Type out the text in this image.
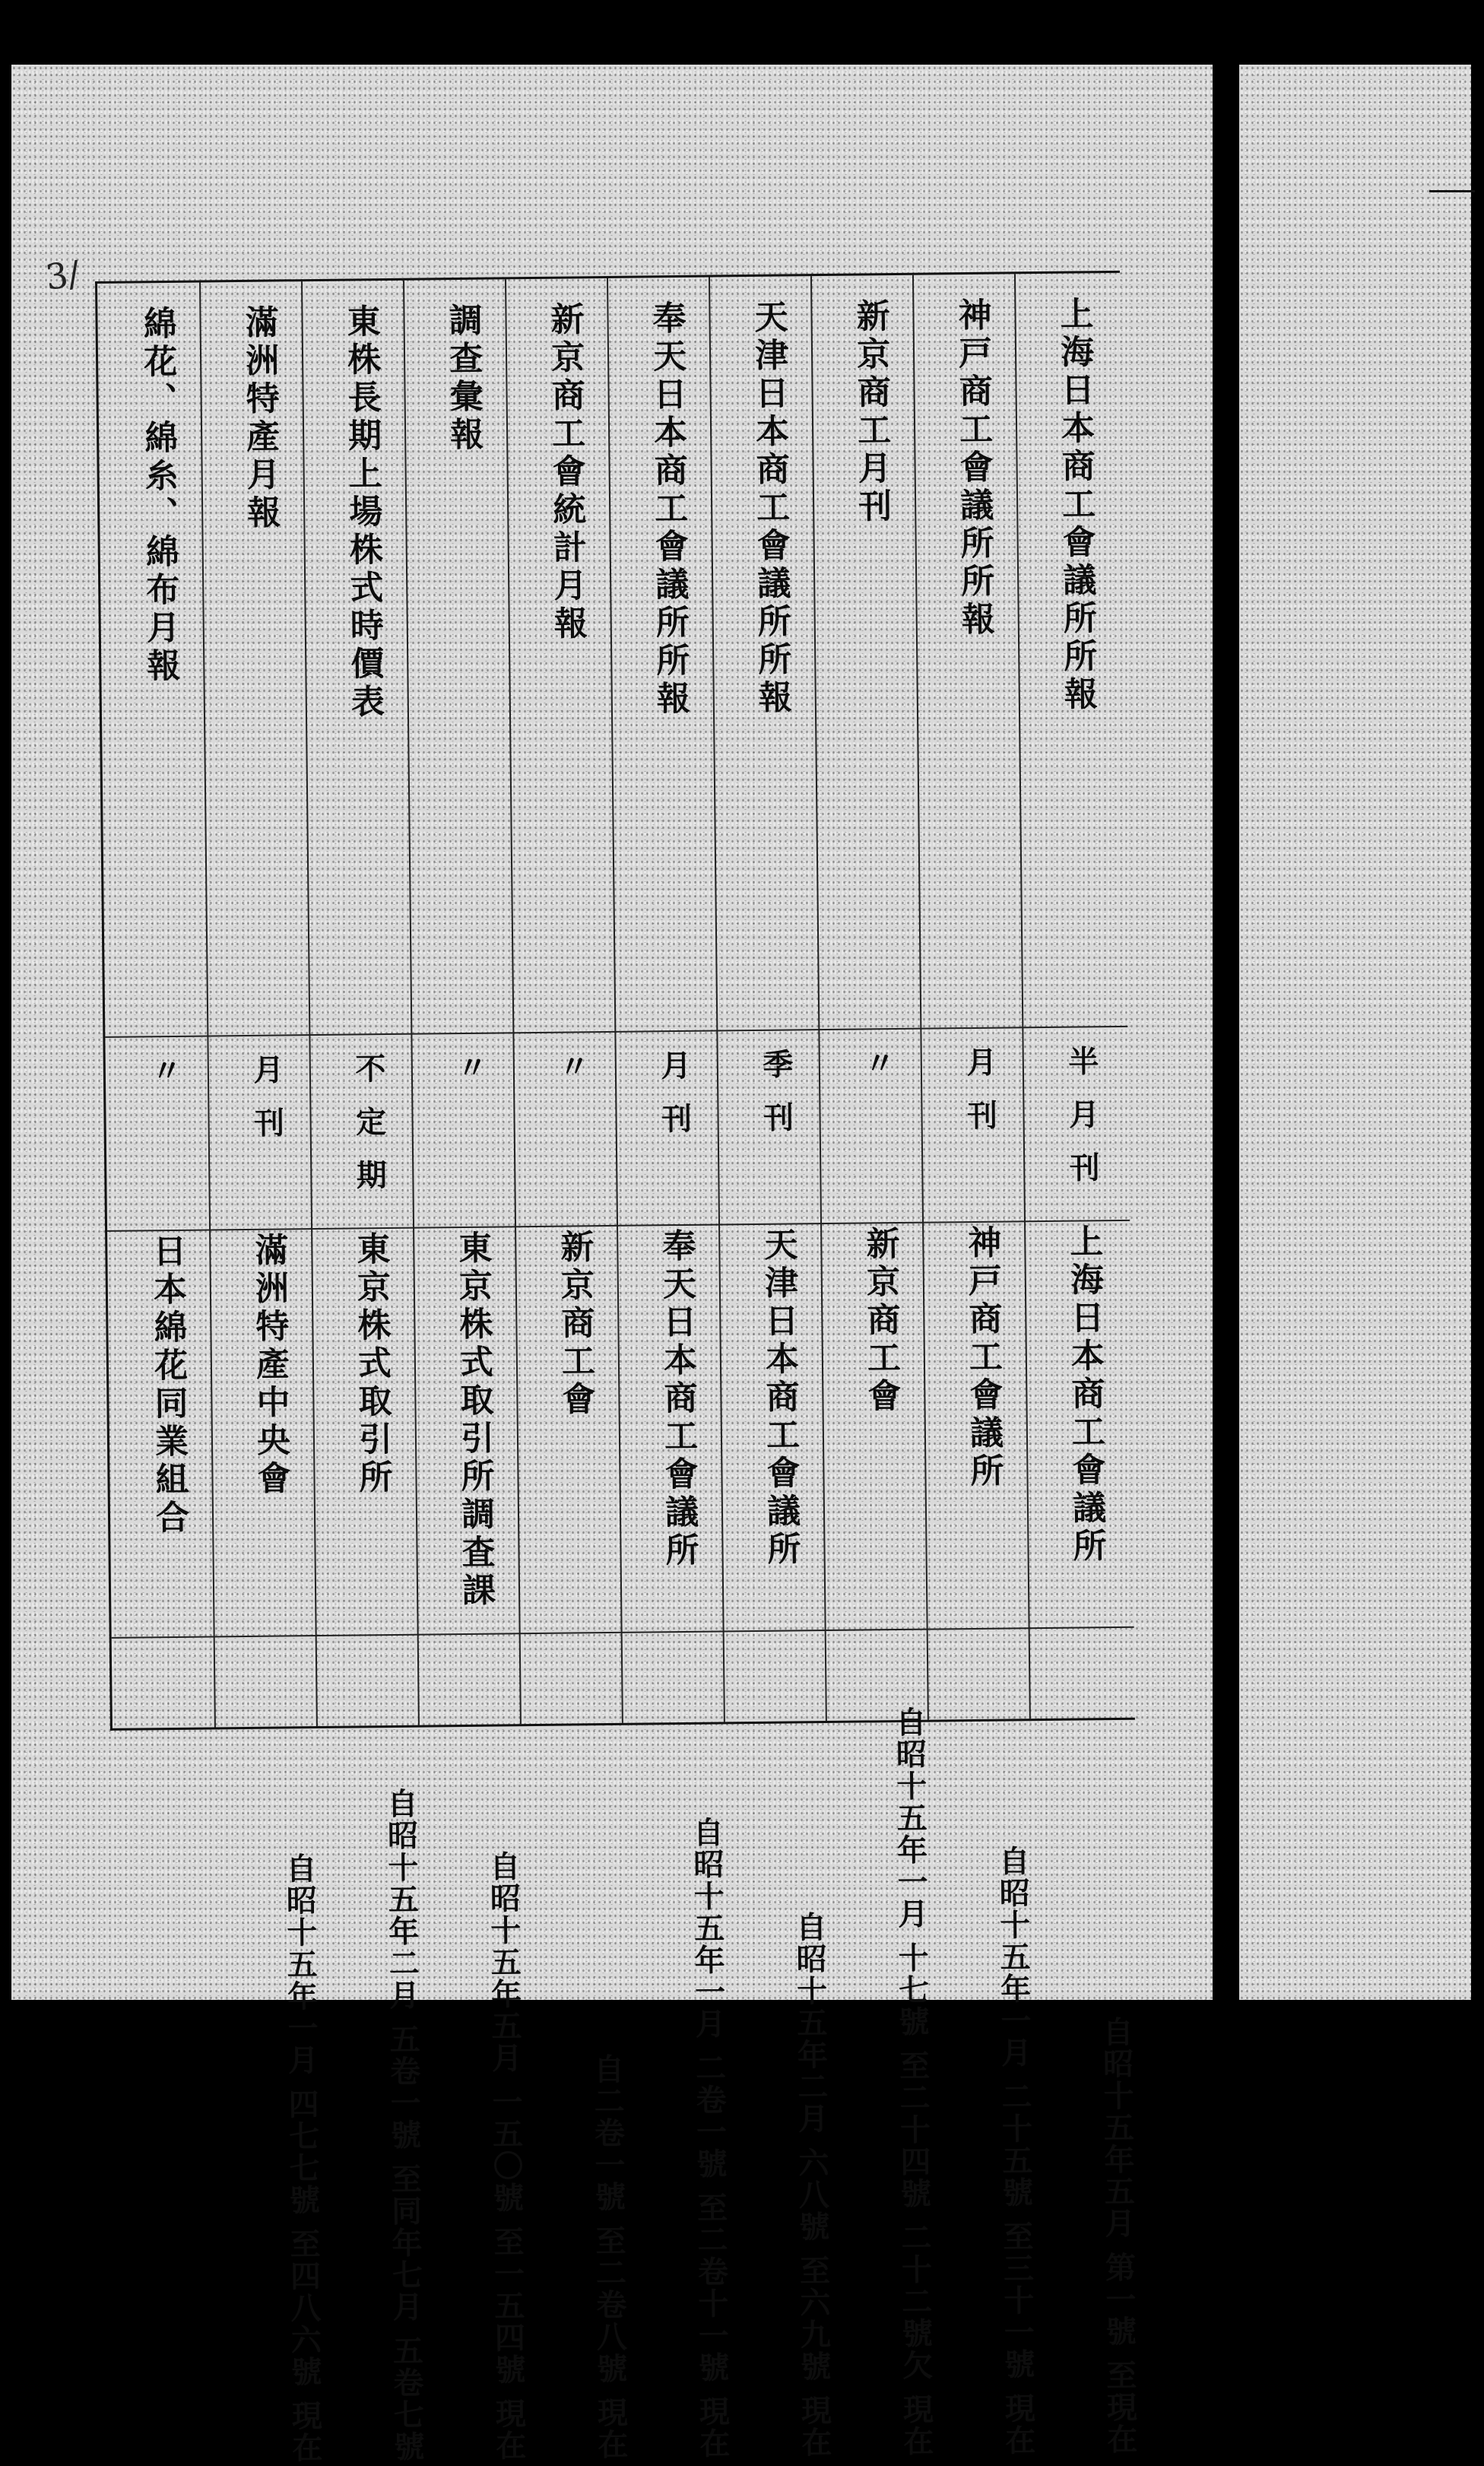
3/
上海日本商工會議所所報
半月刊
上海日本商工會議所
自昭十五年五月 第一號 至現在
神戸商工會議所所報
月刊
神戸商工會議所
自昭十五年一月 二十五號 至三十一號 現在
新京商工月刊
〃
新京商工會
自昭十五年一月 十七號 至二十四號 二十二號欠 現在
天津日本商工會議所所報
季刊
天津日本商工會議所
自昭十五年二月 六八號 至六九號 現在
奉天日本商工會議所所報
月刊
奉天日本商工會議所
自昭十五年一月 二卷一號 至二卷十一號 現在
新京商工會統計月報
〃
新京商工會
自二卷一號 至二卷八號 現在
調查彙報
〃
東京株式取引所調査課
自昭十五年五月 一五〇號 至一五四號 現在
東株長期上場株式時價表
不定期
東京株式取引所
自昭十五年二月 五卷一號 至同年七月 五卷七號
滿洲特產月報
月刊
滿洲特產中央會
自昭十五年一月 四七七號 至四八六號 現在
綿花、綿糸、綿布月報
〃
日本綿花同業組合
